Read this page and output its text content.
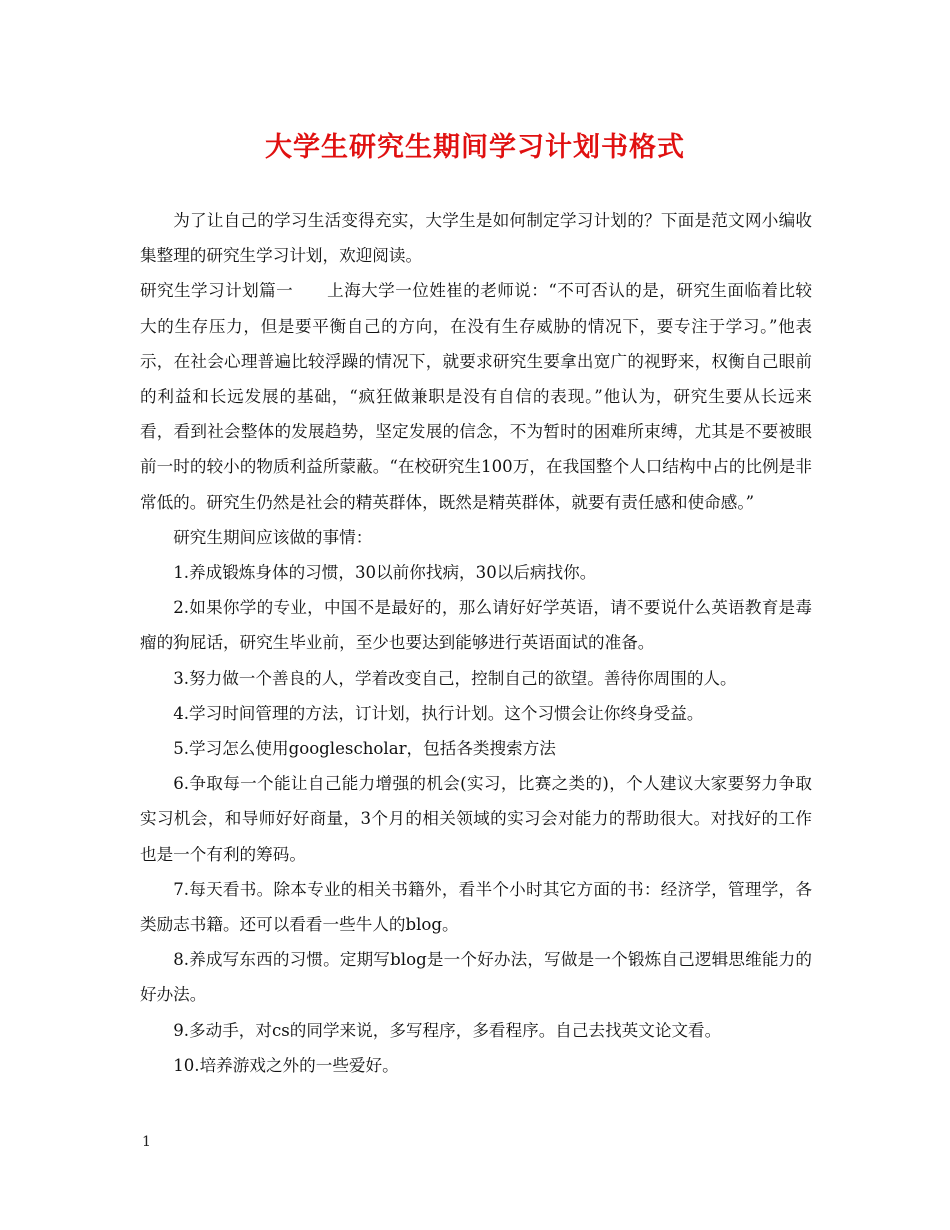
大学生研究生期间学习计划书格式

为了让自己的学习生活变得充实，大学生是如何制定学习计划的？下面是范文网小编收集整理的研究生学习计划，欢迎阅读。

研究生学习计划篇一　　上海大学一位姓崔的老师说：“不可否认的是，研究生面临着比较大的生存压力，但是要平衡自己的方向，在没有生存威胁的情况下，要专注于学习。”他表示，在社会心理普遍比较浮躁的情况下，就要求研究生要拿出宽广的视野来，权衡自己眼前的利益和长远发展的基础，“疯狂做兼职是没有自信的表现。”他认为，研究生要从长远来看，看到社会整体的发展趋势，坚定发展的信念，不为暂时的困难所束缚，尤其是不要被眼前一时的较小的物质利益所蒙蔽。“在校研究生100万，在我国整个人口结构中占的比例是非常低的。研究生仍然是社会的精英群体，既然是精英群体，就要有责任感和使命感。”

研究生期间应该做的事情：

1.养成锻炼身体的习惯，30以前你找病，30以后病找你。

2.如果你学的专业，中国不是最好的，那么请好好学英语，请不要说什么英语教育是毒瘤的狗屁话，研究生毕业前，至少也要达到能够进行英语面试的准备。

3.努力做一个善良的人，学着改变自己，控制自己的欲望。善待你周围的人。

4.学习时间管理的方法，订计划，执行计划。这个习惯会让你终身受益。

5.学习怎么使用googlescholar，包括各类搜索方法

6.争取每一个能让自己能力增强的机会(实习，比赛之类的)，个人建议大家要努力争取实习机会，和导师好好商量，3个月的相关领域的实习会对能力的帮助很大。对找好的工作也是一个有利的筹码。

7.每天看书。除本专业的相关书籍外，看半个小时其它方面的书：经济学，管理学，各类励志书籍。还可以看看一些牛人的blog。

8.养成写东西的习惯。定期写blog是一个好办法，写做是一个锻炼自己逻辑思维能力的好办法。

9.多动手，对cs的同学来说，多写程序，多看程序。自己去找英文论文看。

10.培养游戏之外的一些爱好。

1
